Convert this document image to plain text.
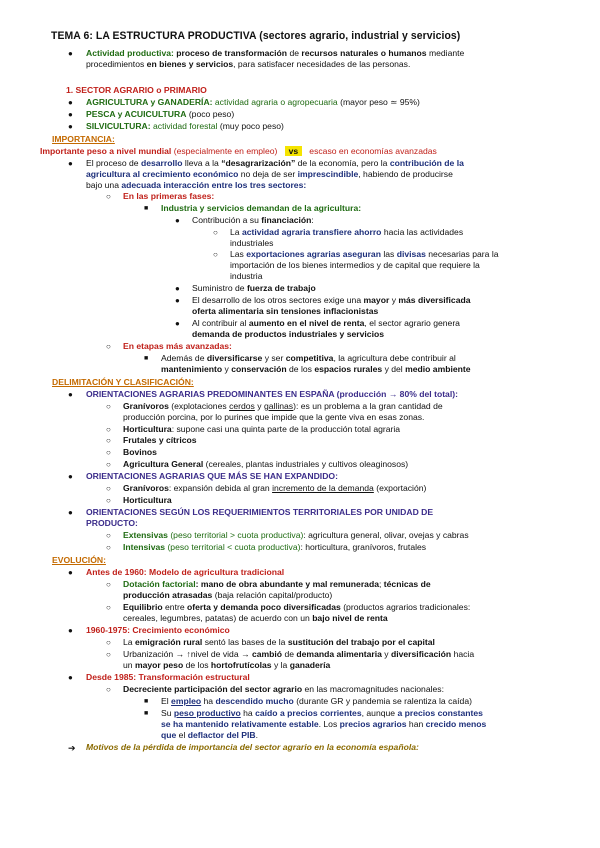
TEMA 6: LA ESTRUCTURA PRODUCTIVA (sectores agrario, industrial y servicios)
● Actividad productiva: proceso de transformación de recursos naturales o humanos mediante
procedimientos en bienes y servicios, para satisfacer necesidades de las personas.
1. SECTOR AGRARIO o PRIMARIO
● AGRICULTURA y GANADERÍA: actividad agraria o agropecuaria (mayor peso ≃ 95%)
● PESCA y ACUICULTURA (poco peso)
● SILVICULTURA: actividad forestal (muy poco peso)
IMPORTANCIA:
Importante peso a nivel mundial (especialmente en empleo) vs escaso en economías avanzadas
● El proceso de desarrollo lleva a la “desagrarización” de la economía, pero la contribución de la
agricultura al crecimiento económico no deja de ser imprescindible, habiendo de producirse
bajo una adecuada interacción entre los tres sectores:
○ En las primeras fases:
■ Industria y servicios demandan de la agricultura:
● Contribución a su financiación:
○ La actividad agraria transfiere ahorro hacia las actividades
industriales
○ Las exportaciones agrarias aseguran las divisas necesarias para la
importación de los bienes intermedios y de capital que requiere la
industria
● Suministro de fuerza de trabajo
● El desarrollo de los otros sectores exige una mayor y más diversificada
oferta alimentaria sin tensiones inflacionistas
● Al contribuir al aumento en el nivel de renta, el sector agrario genera
demanda de productos industriales y servicios
○ En etapas más avanzadas:
■ Además de diversificarse y ser competitiva, la agricultura debe contribuir al
mantenimiento y conservación de los espacios rurales y del medio ambiente
DELIMITACIÓN Y CLASIFICACIÓN:
● ORIENTACIONES AGRARIAS PREDOMINANTES EN ESPAÑA (producción → 80% del total):
○ Granívoros (explotaciones cerdos y gallinas): es un problema a la gran cantidad de
producción porcina, por lo purines que impide que la gente viva en esas zonas.
○ Horticultura: supone casi una quinta parte de la producción total agraria
○ Frutales y cítricos
○ Bovinos
○ Agricultura General (cereales, plantas industriales y cultivos oleaginosos)
● ORIENTACIONES AGRARIAS QUE MÁS SE HAN EXPANDIDO:
○ Granívoros: expansión debida al gran incremento de la demanda (exportación)
○ Horticultura
● ORIENTACIONES SEGÚN LOS REQUERIMIENTOS TERRITORIALES POR UNIDAD DE
PRODUCTO:
○ Extensivas (peso territorial > cuota productiva): agricultura general, olivar, ovejas y cabras
○ Intensivas (peso territorial < cuota productiva): horticultura, granívoros, frutales
EVOLUCIÓN:
● Antes de 1960: Modelo de agricultura tradicional
○ Dotación factorial: mano de obra abundante y mal remunerada; técnicas de
producción atrasadas (baja relación capital/producto)
○ Equilibrio entre oferta y demanda poco diversificadas (productos agrarios tradicionales:
cereales, legumbres, patatas) de acuerdo con un bajo nivel de renta
● 1960-1975: Crecimiento económico
○ La emigración rural sentó las bases de la sustitución del trabajo por el capital
○ Urbanización → ↑nivel de vida → cambió de demanda alimentaria y diversificación hacia
un mayor peso de los hortofrutícolas y la ganadería
● Desde 1985: Transformación estructural
○ Decreciente participación del sector agrario en las macromagnitudes nacionales:
■ El empleo ha descendido mucho (durante GR y pandemia se ralentiza la caída)
■ Su peso productivo ha caído a precios corrientes, aunque a precios constantes
se ha mantenido relativamente estable. Los precios agrarios han crecido menos
que el deflactor del PIB.
➔ Motivos de la pérdida de importancia del sector agrario en la economía española:
